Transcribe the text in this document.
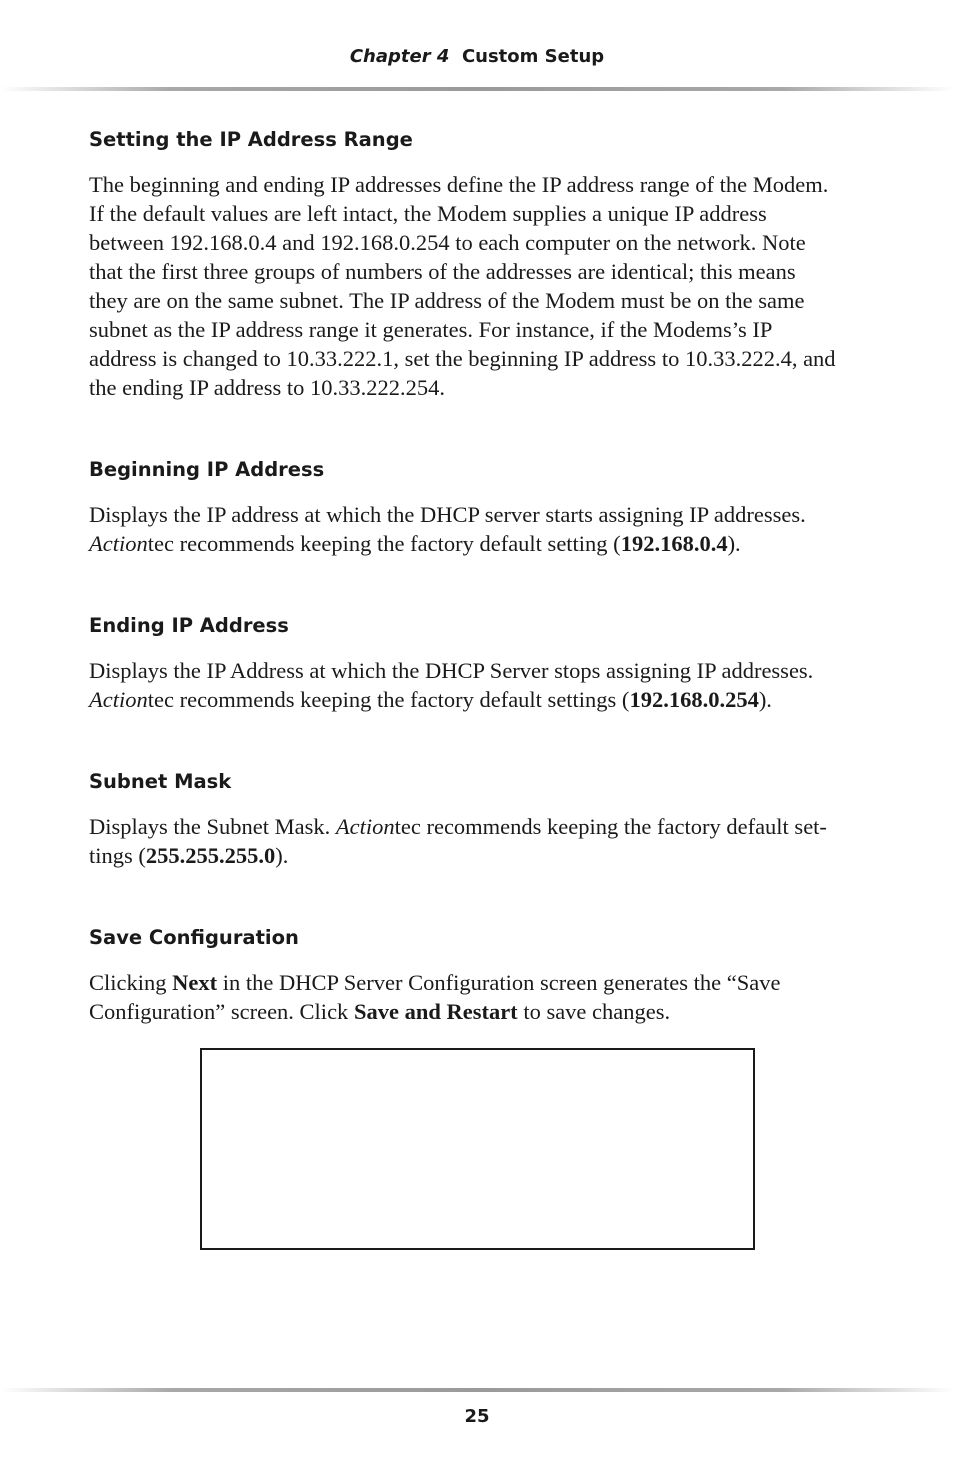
Chapter 4 Custom Setup
Setting the IP Address Range

The beginning and ending IP addresses define the IP address range of the Modem.
If the default values are left intact, the Modem supplies a unique IP address
between 192.168.0.4 and 192.168.0.254 to each computer on the network. Note
that the first three groups of numbers of the addresses are identical; this means
they are on the same subnet. The IP address of the Modem must be on the same
subnet as the IP address range it generates. For instance, if the Modems’s IP
address is changed to 10.33.222.1, set the beginning IP address to 10.33.222.4, and
the ending IP address to 10.33.222.254.

Beginning IP Address

Displays the IP address at which the DHCP server starts assigning IP addresses.
Actiontec recommends keeping the factory default setting (192.168.0.4).

Ending IP Address

Displays the IP Address at which the DHCP Server stops assigning IP addresses.
Actiontec recommends keeping the factory default settings (192.168.0.254).

Subnet Mask

Displays the Subnet Mask. Actiontec recommends keeping the factory default set-
tings (255.255.255.0).

Save Configuration

Clicking Next in the DHCP Server Configuration screen generates the “Save
Configuration” screen. Click Save and Restart to save changes.

25
